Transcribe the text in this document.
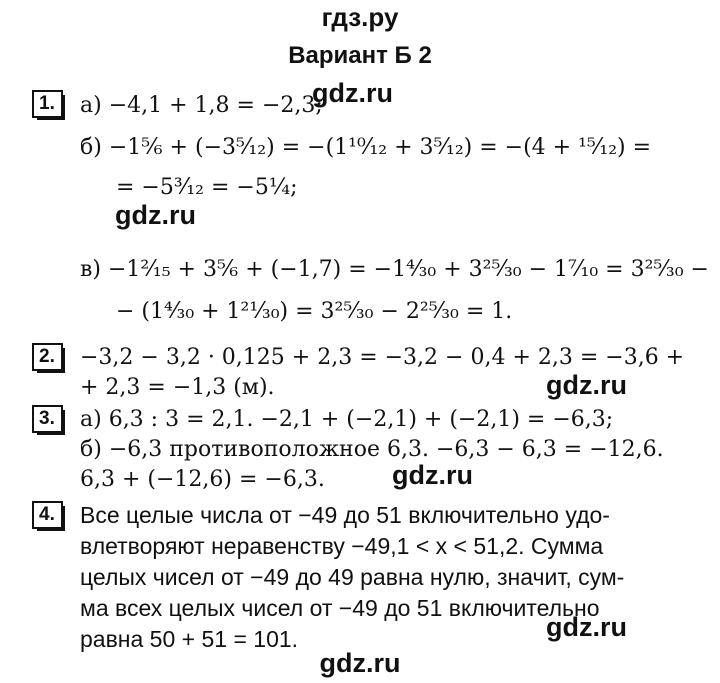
гдз.ру
Вариант Б 2
gdz.ru
gdz.ru
gdz.ru
gdz.ru
gdz.ru
gdz.ru
1.	а) −4,1 + 1,8 = −2,3;
б) −1⁵⁄₆ + (−3⁵⁄₁₂) = −(1¹⁰⁄₁₂ + 3⁵⁄₁₂) = −(4 + ¹⁵⁄₁₂) =
= −5³⁄₁₂ = −5¼;
в) −1²⁄₁₅ + 3⁵⁄₆ + (−1,7) = −1⁴⁄₃₀ + 3²⁵⁄₃₀ − 1⁷⁄₁₀ = 3²⁵⁄₃₀ −
− (1⁴⁄₃₀ + 1²¹⁄₃₀) = 3²⁵⁄₃₀ − 2²⁵⁄₃₀ = 1.
2.	−3,2 − 3,2 · 0,125 + 2,3 = −3,2 − 0,4 + 2,3 = −3,6 +
+ 2,3 = −1,3 (м).
3.	а) 6,3 : 3 = 2,1. −2,1 + (−2,1) + (−2,1) = −6,3;
б) −6,3 противоположное 6,3. −6,3 − 6,3 = −12,6.
6,3 + (−12,6) = −6,3.
4.	Все целые числа от −49 до 51 включительно удо-
влетворяют неравенству −49,1 < x < 51,2. Сумма
целых чисел от −49 до 49 равна нулю, значит, сум-
ма всех целых чисел от −49 до 51 включительно
равна 50 + 51 = 101.
